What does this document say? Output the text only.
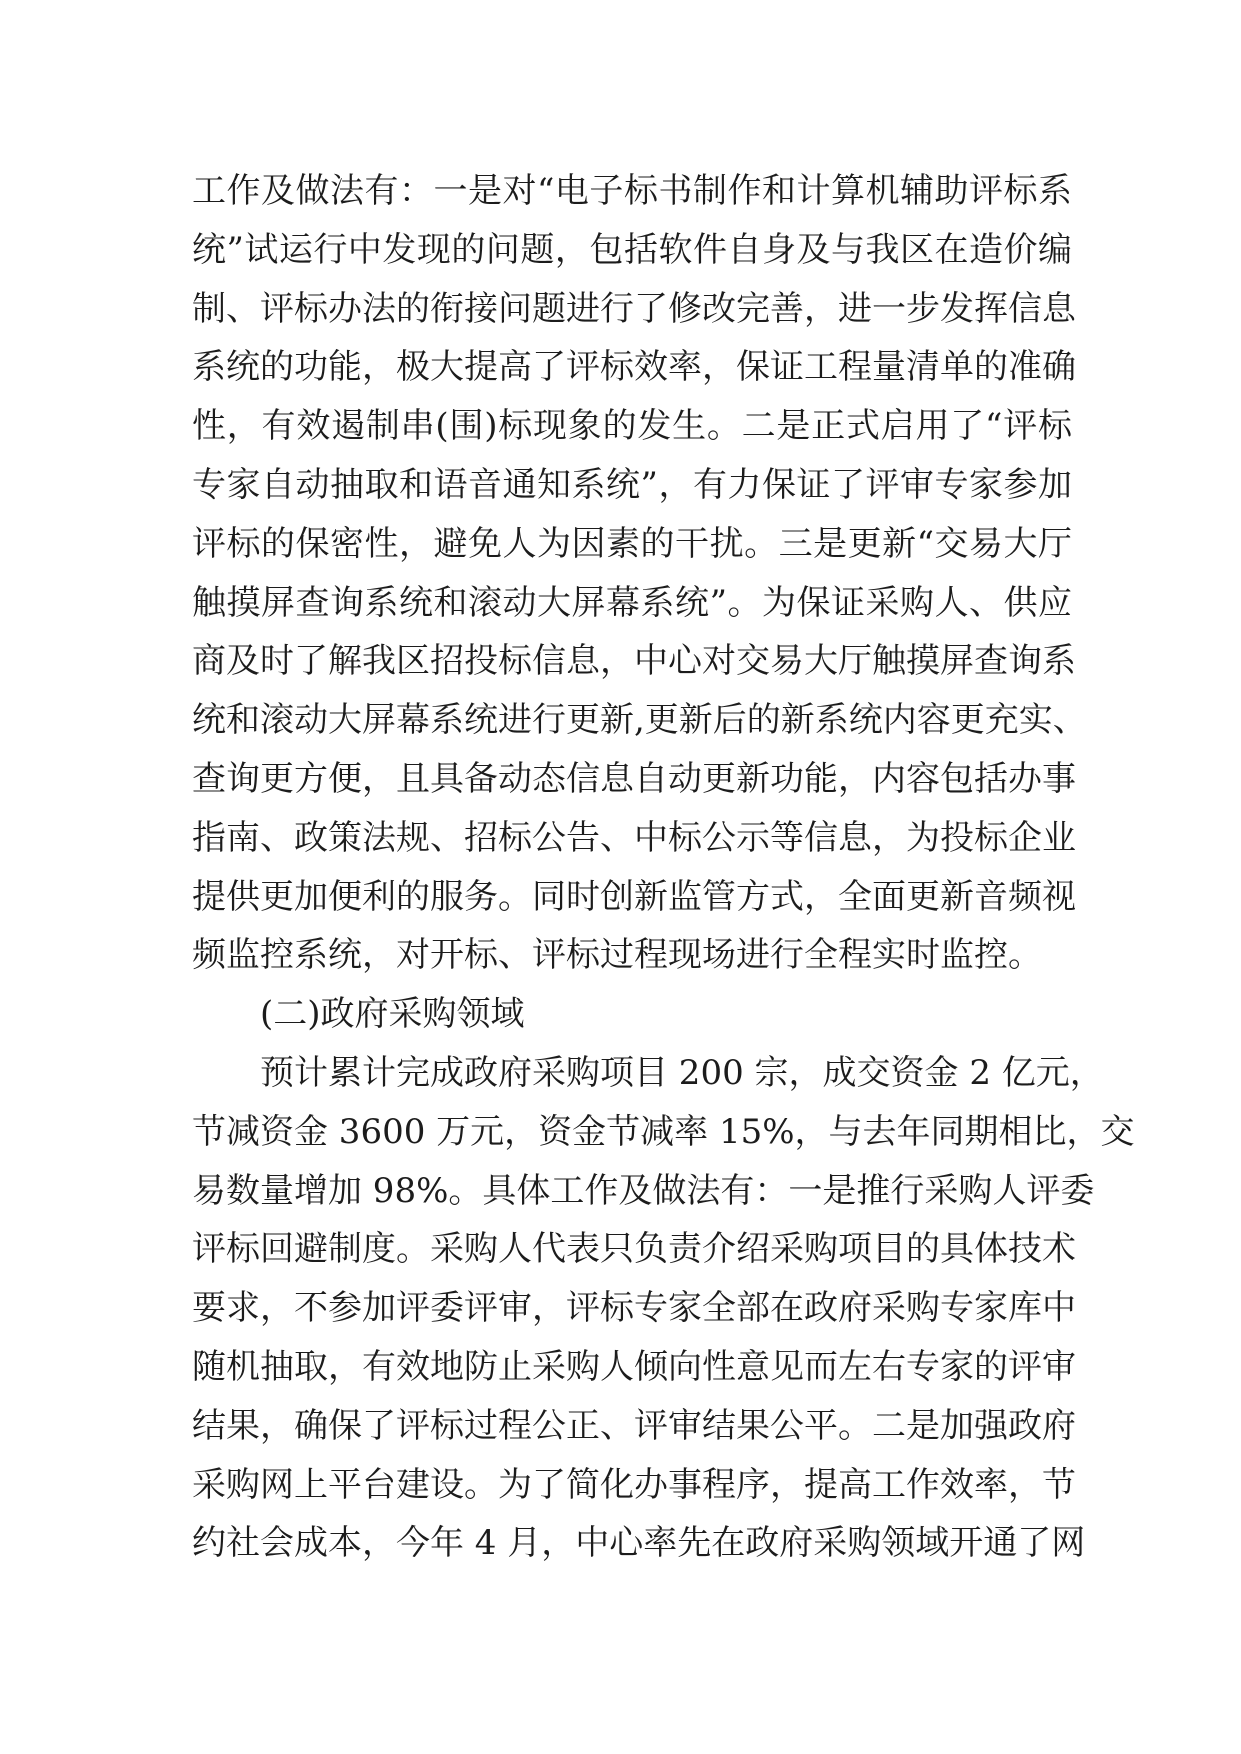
工作及做法有：一是对“电子标书制作和计算机辅助评标系
统”试运行中发现的问题，包括软件自身及与我区在造价编
制、评标办法的衔接问题进行了修改完善，进一步发挥信息
系统的功能，极大提高了评标效率，保证工程量清单的准确
性，有效遏制串(围)标现象的发生。二是正式启用了“评标
专家自动抽取和语音通知系统”，有力保证了评审专家参加
评标的保密性，避免人为因素的干扰。三是更新“交易大厅
触摸屏查询系统和滚动大屏幕系统”。为保证采购人、供应
商及时了解我区招投标信息，中心对交易大厅触摸屏查询系
统和滚动大屏幕系统进行更新,更新后的新系统内容更充实、
查询更方便，且具备动态信息自动更新功能，内容包括办事
指南、政策法规、招标公告、中标公示等信息，为投标企业
提供更加便利的服务。同时创新监管方式，全面更新音频视
频监控系统，对开标、评标过程现场进行全程实时监控。
(二)政府采购领域
预计累计完成政府采购项目 200 宗，成交资金 2 亿元，
节减资金 3600 万元，资金节减率 15%，与去年同期相比，交
易数量增加 98%。具体工作及做法有：一是推行采购人评委
评标回避制度。采购人代表只负责介绍采购项目的具体技术
要求，不参加评委评审，评标专家全部在政府采购专家库中
随机抽取，有效地防止采购人倾向性意见而左右专家的评审
结果，确保了评标过程公正、评审结果公平。二是加强政府
采购网上平台建设。为了简化办事程序，提高工作效率，节
约社会成本，今年 4 月，中心率先在政府采购领域开通了网
